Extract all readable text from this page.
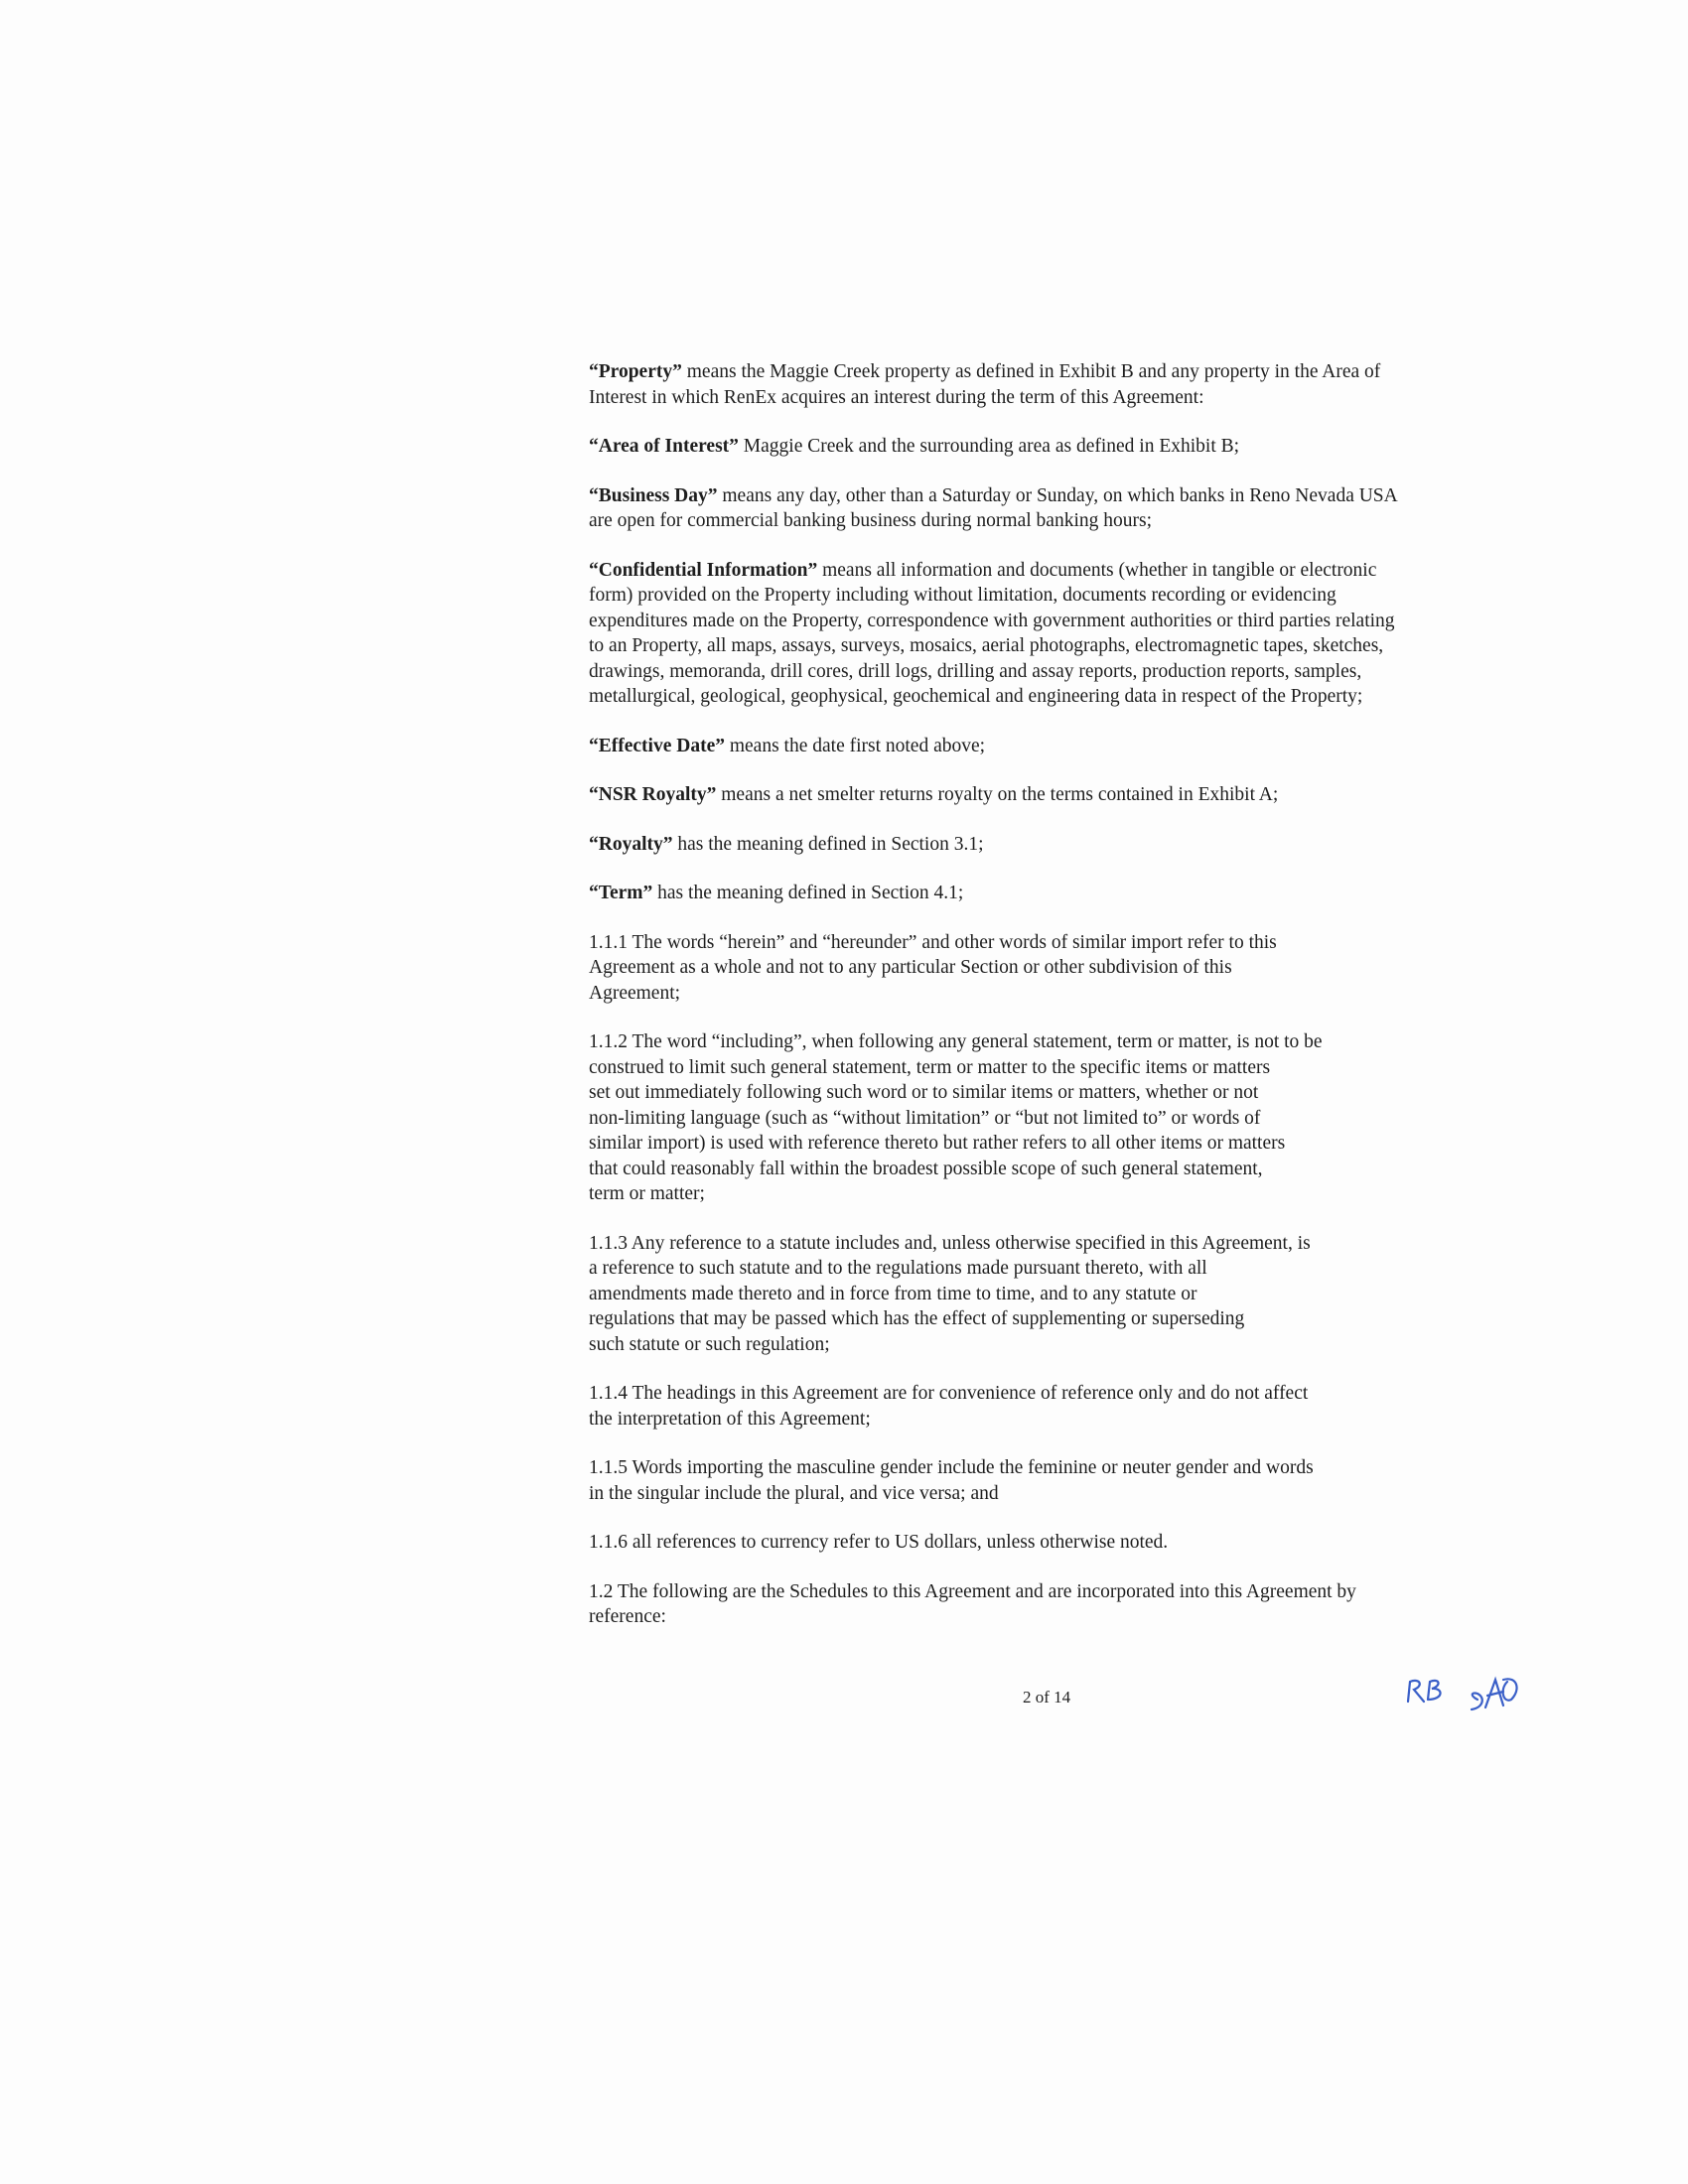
“Property” means the Maggie Creek property as defined in Exhibit B and any property in the Area of
Interest in which RenEx acquires an interest during the term of this Agreement:

“Area of Interest” Maggie Creek and the surrounding area as defined in Exhibit B;

“Business Day” means any day, other than a Saturday or Sunday, on which banks in Reno Nevada USA
are open for commercial banking business during normal banking hours;

“Confidential Information” means all information and documents (whether in tangible or electronic
form) provided on the Property including without limitation, documents recording or evidencing
expenditures made on the Property, correspondence with government authorities or third parties relating
to an Property, all maps, assays, surveys, mosaics, aerial photographs, electromagnetic tapes, sketches,
drawings, memoranda, drill cores, drill logs, drilling and assay reports, production reports, samples,
metallurgical, geological, geophysical, geochemical and engineering data in respect of the Property;

“Effective Date” means the date first noted above;

“NSR Royalty” means a net smelter returns royalty on the terms contained in Exhibit A;

“Royalty” has the meaning defined in Section 3.1;

“Term” has the meaning defined in Section 4.1;

1.1.1 The words “herein” and “hereunder” and other words of similar import refer to this
Agreement as a whole and not to any particular Section or other subdivision of this
Agreement;

1.1.2 The word “including”, when following any general statement, term or matter, is not to be
construed to limit such general statement, term or matter to the specific items or matters
set out immediately following such word or to similar items or matters, whether or not
non-limiting language (such as “without limitation” or “but not limited to” or words of
similar import) is used with reference thereto but rather refers to all other items or matters
that could reasonably fall within the broadest possible scope of such general statement,
term or matter;

1.1.3 Any reference to a statute includes and, unless otherwise specified in this Agreement, is
a reference to such statute and to the regulations made pursuant thereto, with all
amendments made thereto and in force from time to time, and to any statute or
regulations that may be passed which has the effect of supplementing or superseding
such statute or such regulation;

1.1.4 The headings in this Agreement are for convenience of reference only and do not affect
the interpretation of this Agreement;

1.1.5 Words importing the masculine gender include the feminine or neuter gender and words
in the singular include the plural, and vice versa; and

1.1.6 all references to currency refer to US dollars, unless otherwise noted.

1.2 The following are the Schedules to this Agreement and are incorporated into this Agreement by
reference:

2 of 14
